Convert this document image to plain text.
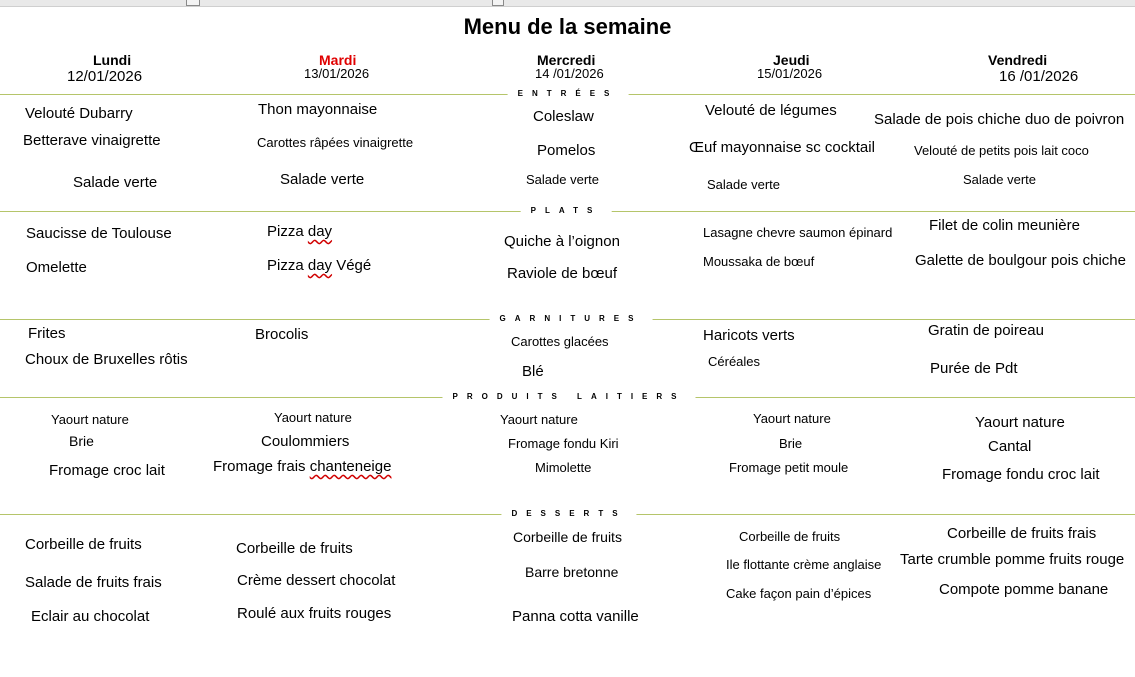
Menu de la semaine
Lundi
12/01/2026
Mardi
13/01/2026
Mercredi
14 /01/2026
Jeudi
15/01/2026
Vendredi
16 /01/2026
ENTRÉES
PLATS
GARNITURES
PRODUITS LAITIERS
DESSERTS
Velouté Dubarry
Betterave vinaigrette
Salade verte
Thon mayonnaise
Carottes râpées vinaigrette
Salade verte
Coleslaw
Pomelos
Salade verte
Velouté de légumes
Œuf mayonnaise sc cocktail
Salade verte
Salade de pois chiche duo de poivron
Velouté de petits pois lait coco
Salade verte
Saucisse de Toulouse
Omelette
Pizza day
Pizza day Végé
Quiche à l’oignon
Raviole de bœuf
Lasagne chevre saumon épinard
Moussaka de bœuf
Filet de colin meunière
Galette de boulgour pois chiche
Frites
Choux de Bruxelles rôtis
Brocolis	Carottes glacées
Blé
Haricots verts
Céréales
Gratin de poireau
Purée de Pdt
Yaourt nature
Brie
Fromage croc lait
Yaourt nature
Coulommiers
Fromage frais chanteneige
Yaourt nature
Fromage fondu Kiri
Mimolette
Yaourt nature
Brie
Fromage petit moule
Yaourt nature
Cantal
Fromage fondu croc lait
Corbeille de fruits
Salade de fruits frais
Eclair au chocolat
Corbeille de fruits
Crème dessert chocolat
Roulé aux fruits rouges
Corbeille de fruits
Barre bretonne
Panna cotta vanille
Corbeille de fruits
Ile flottante crème anglaise
Cake façon pain d’épices
Corbeille de fruits frais
Tarte crumble pomme fruits rouge
Compote pomme banane
